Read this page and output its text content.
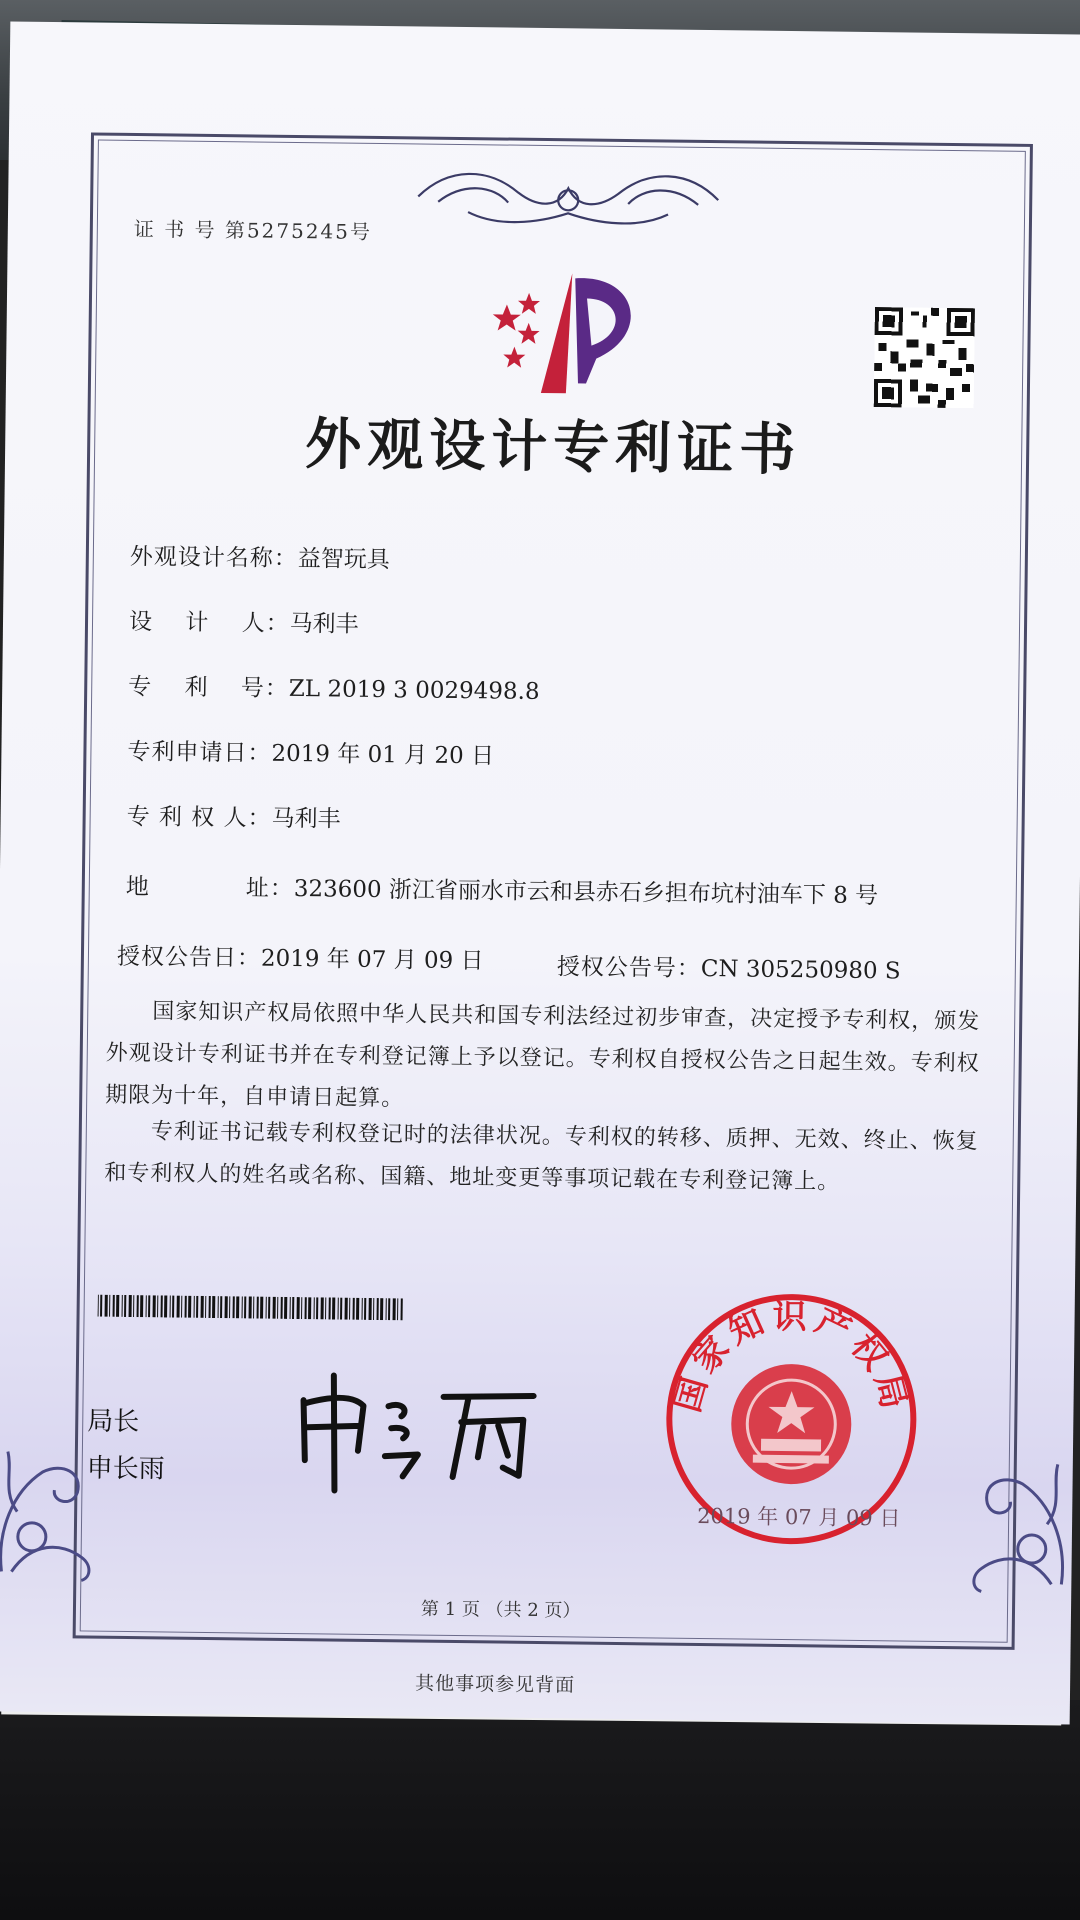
证 书 号 第5275245号
外观设计专利证书
外观设计名称：益智玩具
设　 计　 人：马利丰
专　 利　 号：ZL 2019 3 0029498.8
专利申请日：2019 年 01 月 20 日
专 利 权 人：马利丰
地　　　　址：323600 浙江省丽水市云和县赤石乡担布坑村油车下 8 号
授权公告日：2019 年 07 月 09 日	授权公告号：CN 305250980 S
国家知识产权局依照中华人民共和国专利法经过初步审查，决定授予专利权，颁发外观设计专利证书并在专利登记簿上予以登记。专利权自授权公告之日起生效。专利权期限为十年，自申请日起算。
专利证书记载专利权登记时的法律状况。专利权的转移、质押、无效、终止、恢复和专利权人的姓名或名称、国籍、地址变更等事项记载在专利登记簿上。
局长
申长雨
国家知识产权局
2019 年 07 月 09 日
第 1 页 （共 2 页）
其他事项参见背面
